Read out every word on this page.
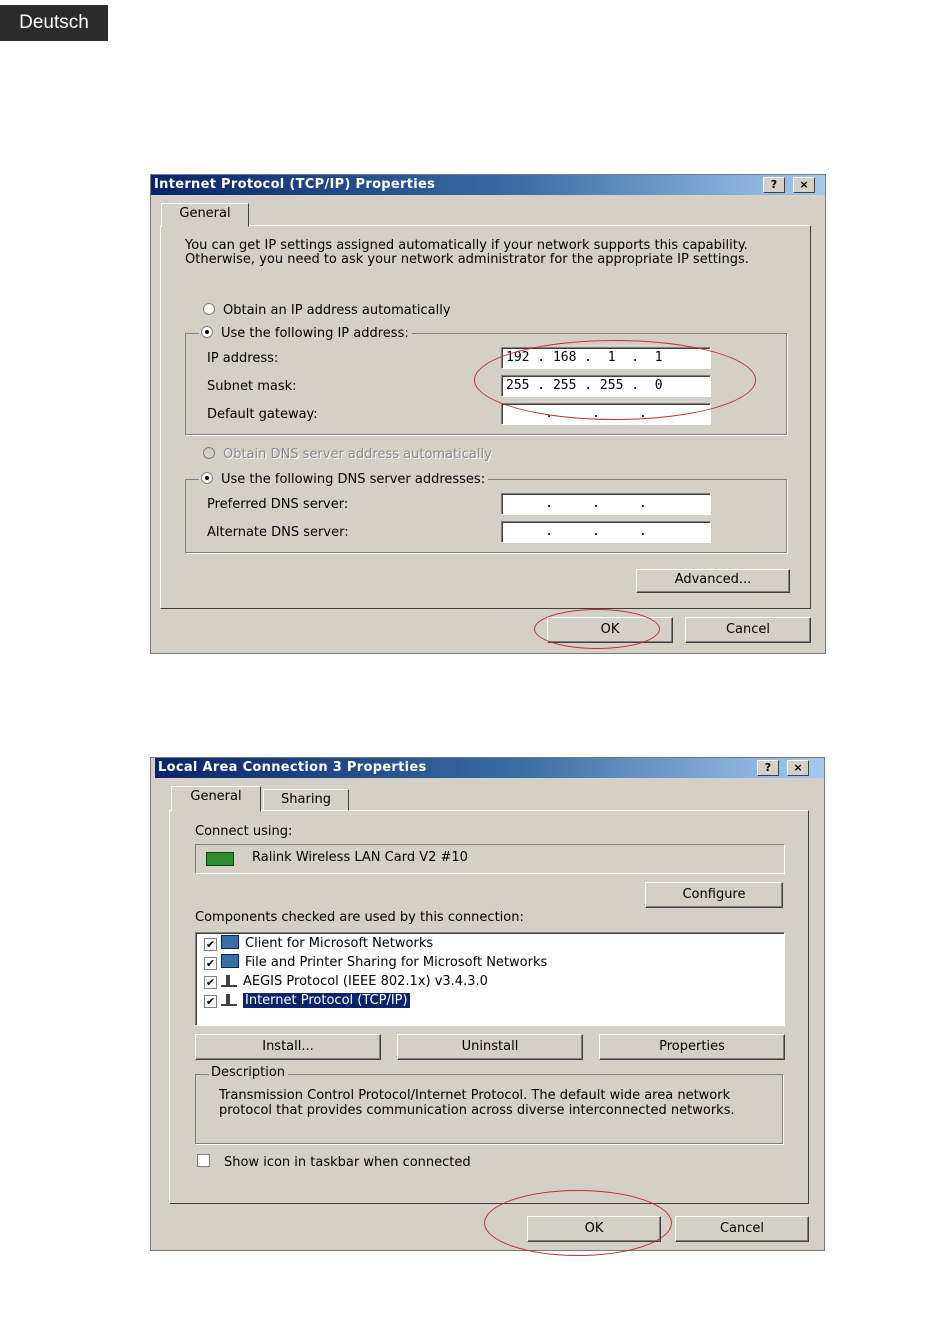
Deutsch
Internet Protocol (TCP/IP) Properties	?	×
General
You can get IP settings assigned automatically if your network supports this capability. Otherwise, you need to ask your network administrator for the appropriate IP settings.
Obtain an IP address automatically
Use the following IP address:
IP address:	192 . 168 .  1  .  1
Subnet mask:	255 . 255 . 255 .  0
Default gateway:	.     .     .
Obtain DNS server address automatically
Use the following DNS server addresses:
Preferred DNS server:	.     .     .
Alternate DNS server:	.     .     .
Advanced...
OK	Cancel
Local Area Connection 3 Properties	?	×
General	Sharing
Connect using:
Ralink Wireless LAN Card V2 #10
Configure
Components checked are used by this connection:
✔ Client for Microsoft Networks
✔ File and Printer Sharing for Microsoft Networks
✔ AEGIS Protocol (IEEE 802.1x) v3.4.3.0
✔ Internet Protocol (TCP/IP)
Install...	Uninstall	Properties
Description
Transmission Control Protocol/Internet Protocol. The default wide area network protocol that provides communication across diverse interconnected networks.
Show icon in taskbar when connected
OK	Cancel
